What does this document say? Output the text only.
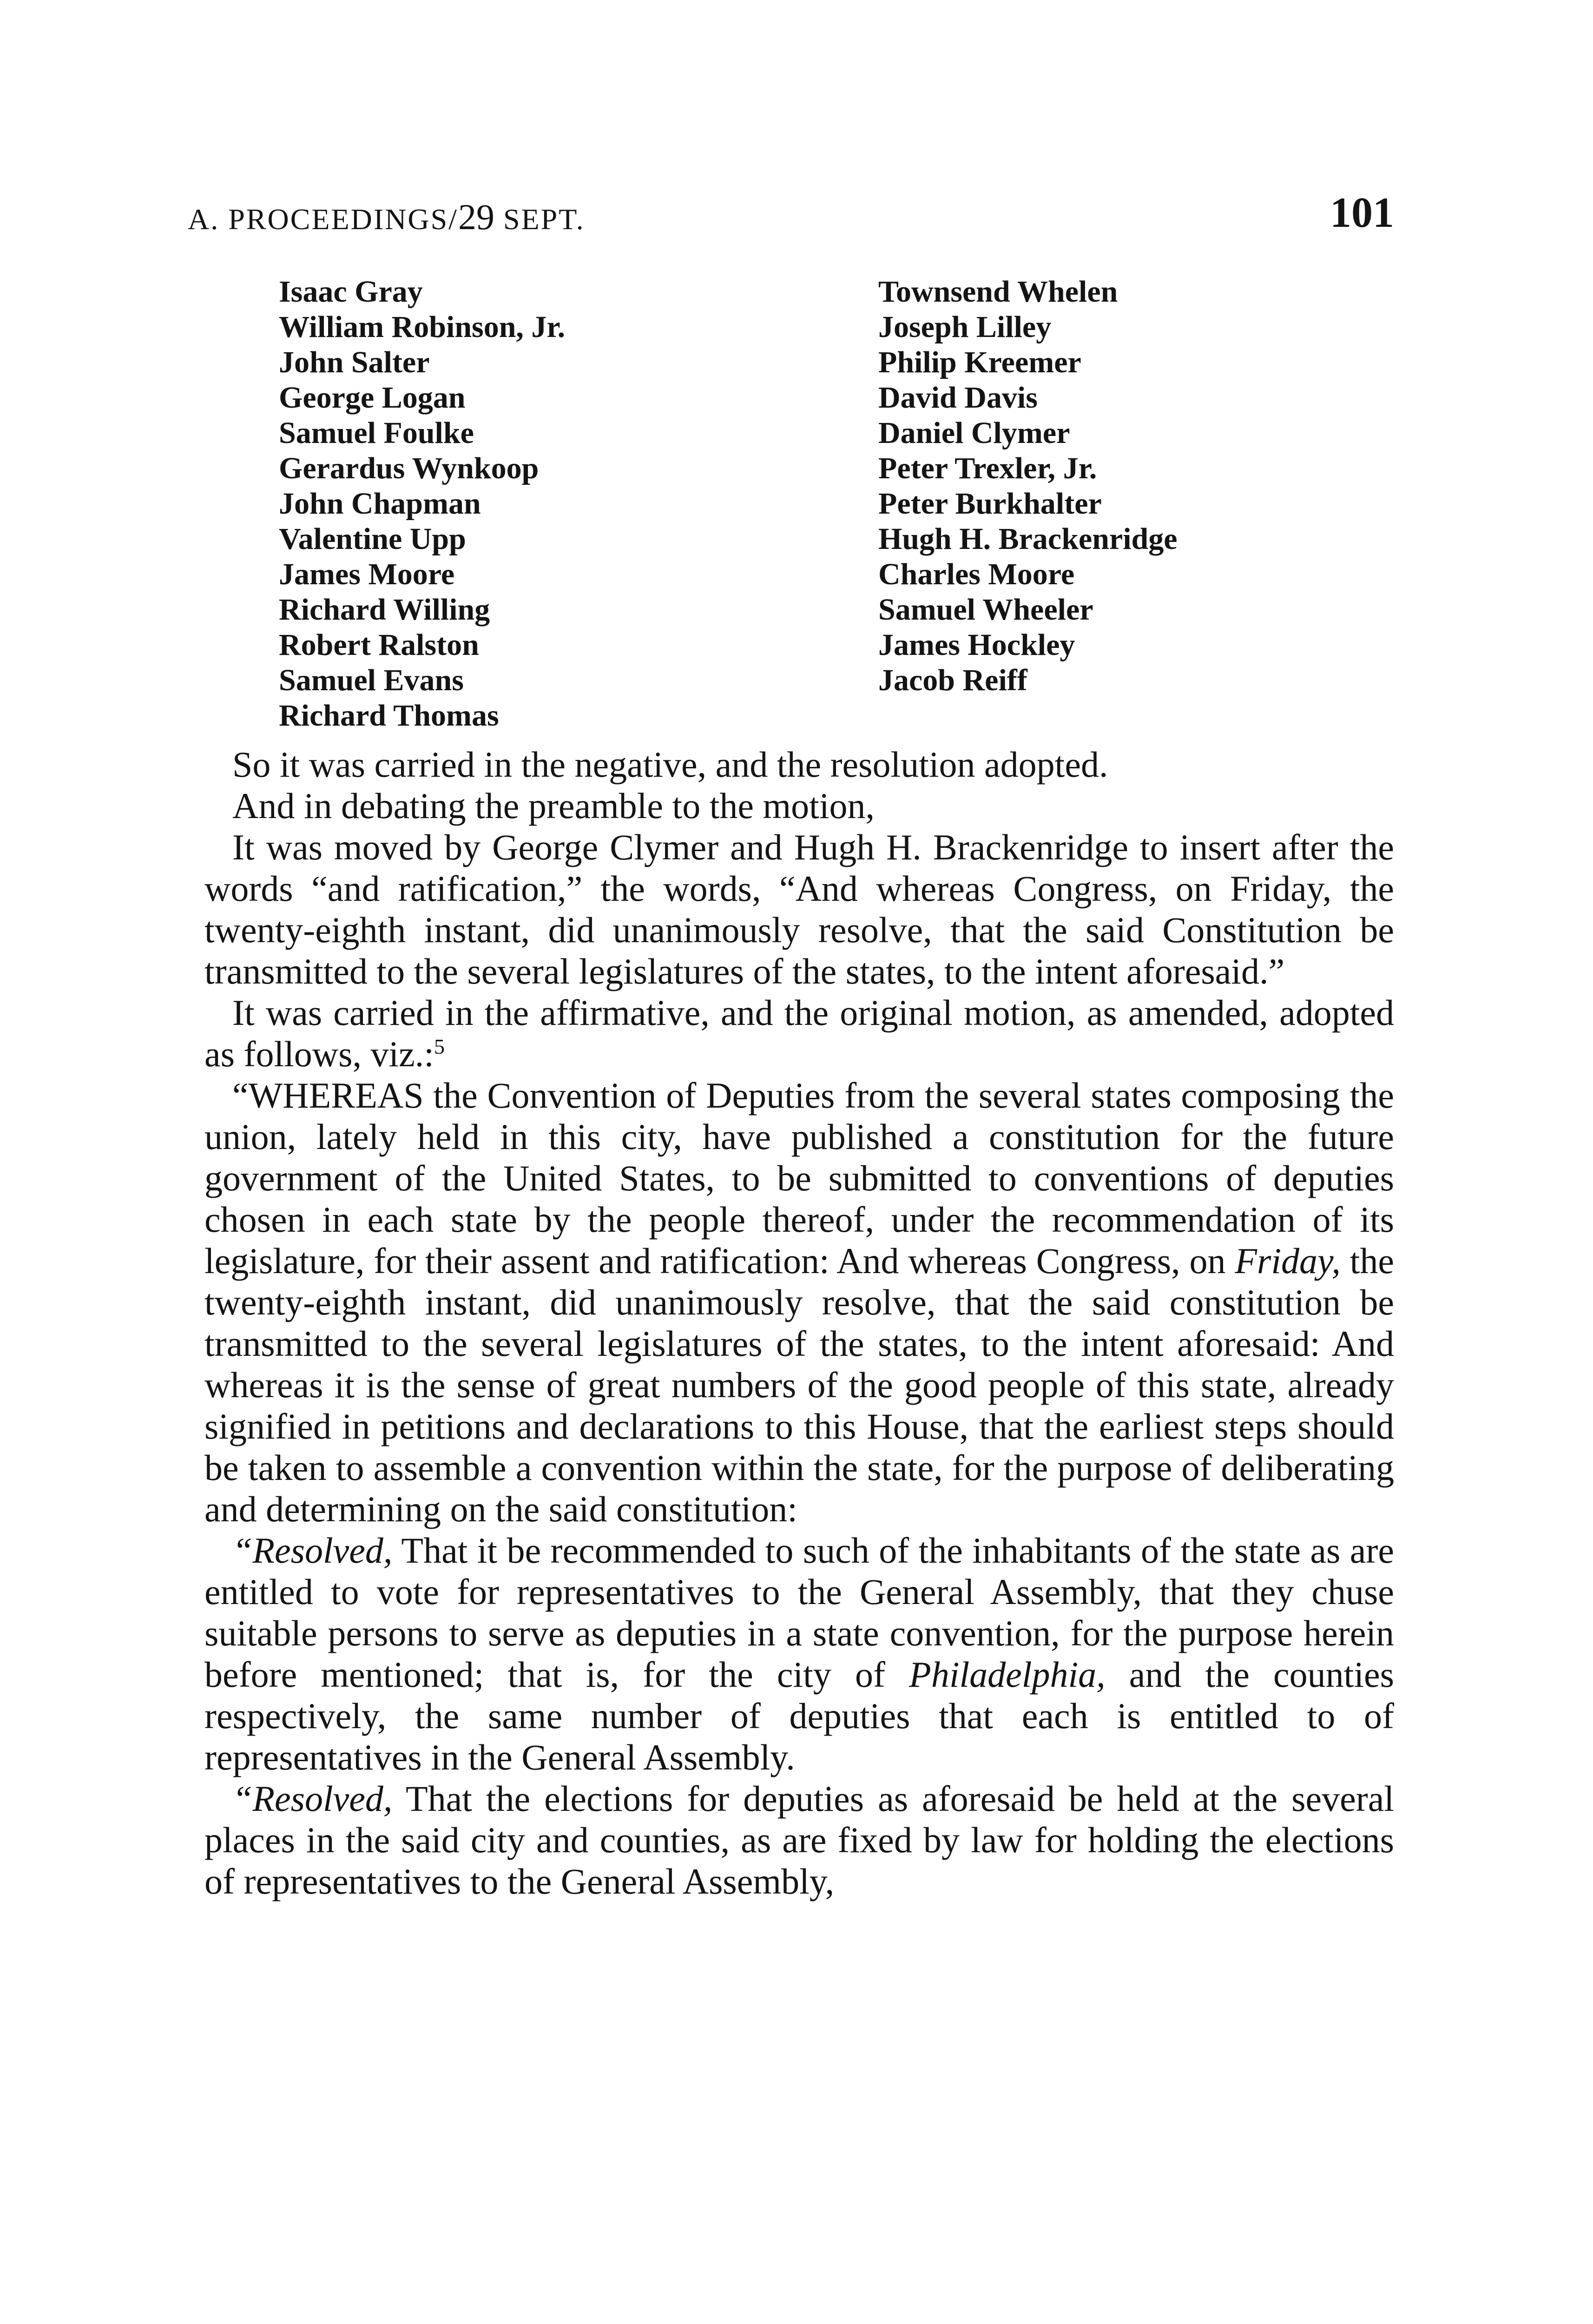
A. PROCEEDINGS/29 SEPT.	101
Isaac Gray
William Robinson, Jr.
John Salter
George Logan
Samuel Foulke
Gerardus Wynkoop
John Chapman
Valentine Upp
James Moore
Richard Willing
Robert Ralston
Samuel Evans
Richard Thomas
Townsend Whelen
Joseph Lilley
Philip Kreemer
David Davis
Daniel Clymer
Peter Trexler, Jr.
Peter Burkhalter
Hugh H. Brackenridge
Charles Moore
Samuel Wheeler
James Hockley
Jacob Reiff

So it was carried in the negative, and the resolution adopted.

And in debating the preamble to the motion,

It was moved by George Clymer and Hugh H. Brackenridge to insert after the words “and ratification,” the words, “And whereas Congress, on Friday, the twenty-eighth instant, did unanimously resolve, that the said Constitution be transmitted to the several legislatures of the states, to the intent aforesaid.”

It was carried in the affirmative, and the original motion, as amended, adopted as follows, viz.:$^5$

“WHEREAS the Convention of Deputies from the several states composing the union, lately held in this city, have published a constitution for the future government of the United States, to be submitted to conventions of deputies chosen in each state by the people thereof, under the recommendation of its legislature, for their assent and ratification: And whereas Congress, on Friday, the twenty-eighth instant, did unanimously resolve, that the said constitution be transmitted to the several legislatures of the states, to the intent aforesaid: And whereas it is the sense of great numbers of the good people of this state, already signified in petitions and declarations to this House, that the earliest steps should be taken to assemble a convention within the state, for the purpose of deliberating and determining on the said constitution:

“Resolved, That it be recommended to such of the inhabitants of the state as are entitled to vote for representatives to the General Assembly, that they chuse suitable persons to serve as deputies in a state convention, for the purpose herein before mentioned; that is, for the city of Philadelphia, and the counties respectively, the same number of deputies that each is entitled to of representatives in the General Assembly.

“Resolved, That the elections for deputies as aforesaid be held at the several places in the said city and counties, as are fixed by law for holding the elections of representatives to the General Assembly,
